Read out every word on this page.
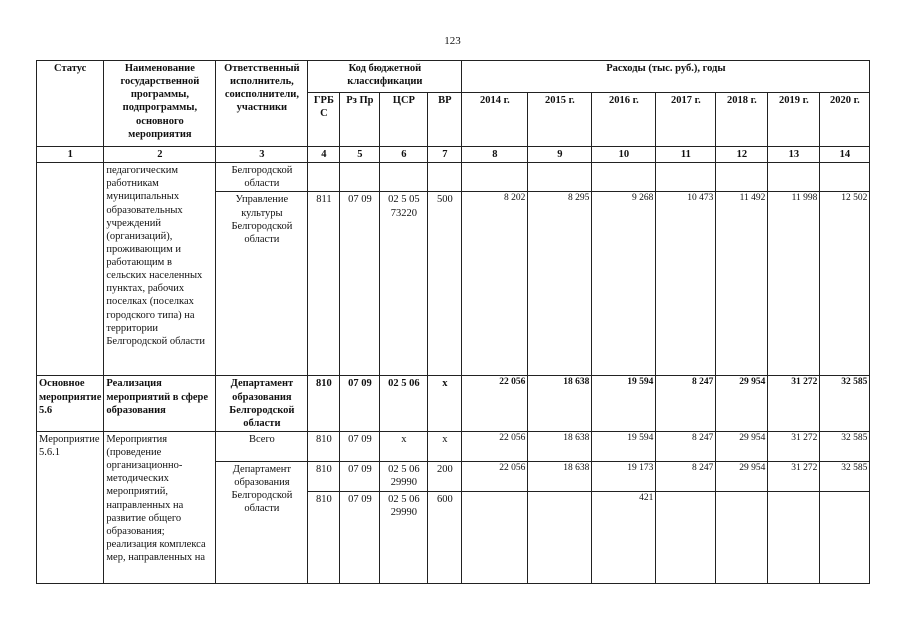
123
Статус	Наименование государственной программы, подпрограммы, основного мероприятия	Ответственный исполнитель, соисполнители, участники	Код бюджетной классификации				Расходы (тыс. руб.), годы						
			ГРБ С	Рз Пр	ЦСР	ВР	2014 г.	2015 г.	2016 г.	2017 г.	2018 г.	2019 г.	2020 г.
1	2	3	4	5	6	7	8	9	10	11	12	13	14
	педагогическим работникам муниципальных образовательных учреждений (организаций), проживающим и работающим в сельских населенных пунктах, рабочих поселках (поселках городского типа) на территории Белгородской области	Белгородской области											
		Управление культуры Белгородской области	811	07 09	02 5 05 73220	500	8 202	8 295	9 268	10 473	11 492	11 998	12 502
Основное мероприятие 5.6	Реализация мероприятий в сфере образования	Департамент образования Белгородской области	810	07 09	02 5 06	х	22 056	18 638	19 594	8 247	29 954	31 272	32 585
Мероприятие 5.6.1	Мероприятия (проведение организационно-методических мероприятий, направленных на развитие общего образования; реализация комплекса мер, направленных на	Всего	810	07 09	х	х	22 056	18 638	19 594	8 247	29 954	31 272	32 585
		Департамент образования Белгородской области	810	07 09	02 5 06 29990	200	22 056	18 638	19 173	8 247	29 954	31 272	32 585
			810	07 09	02 5 06 29990	600			421				
